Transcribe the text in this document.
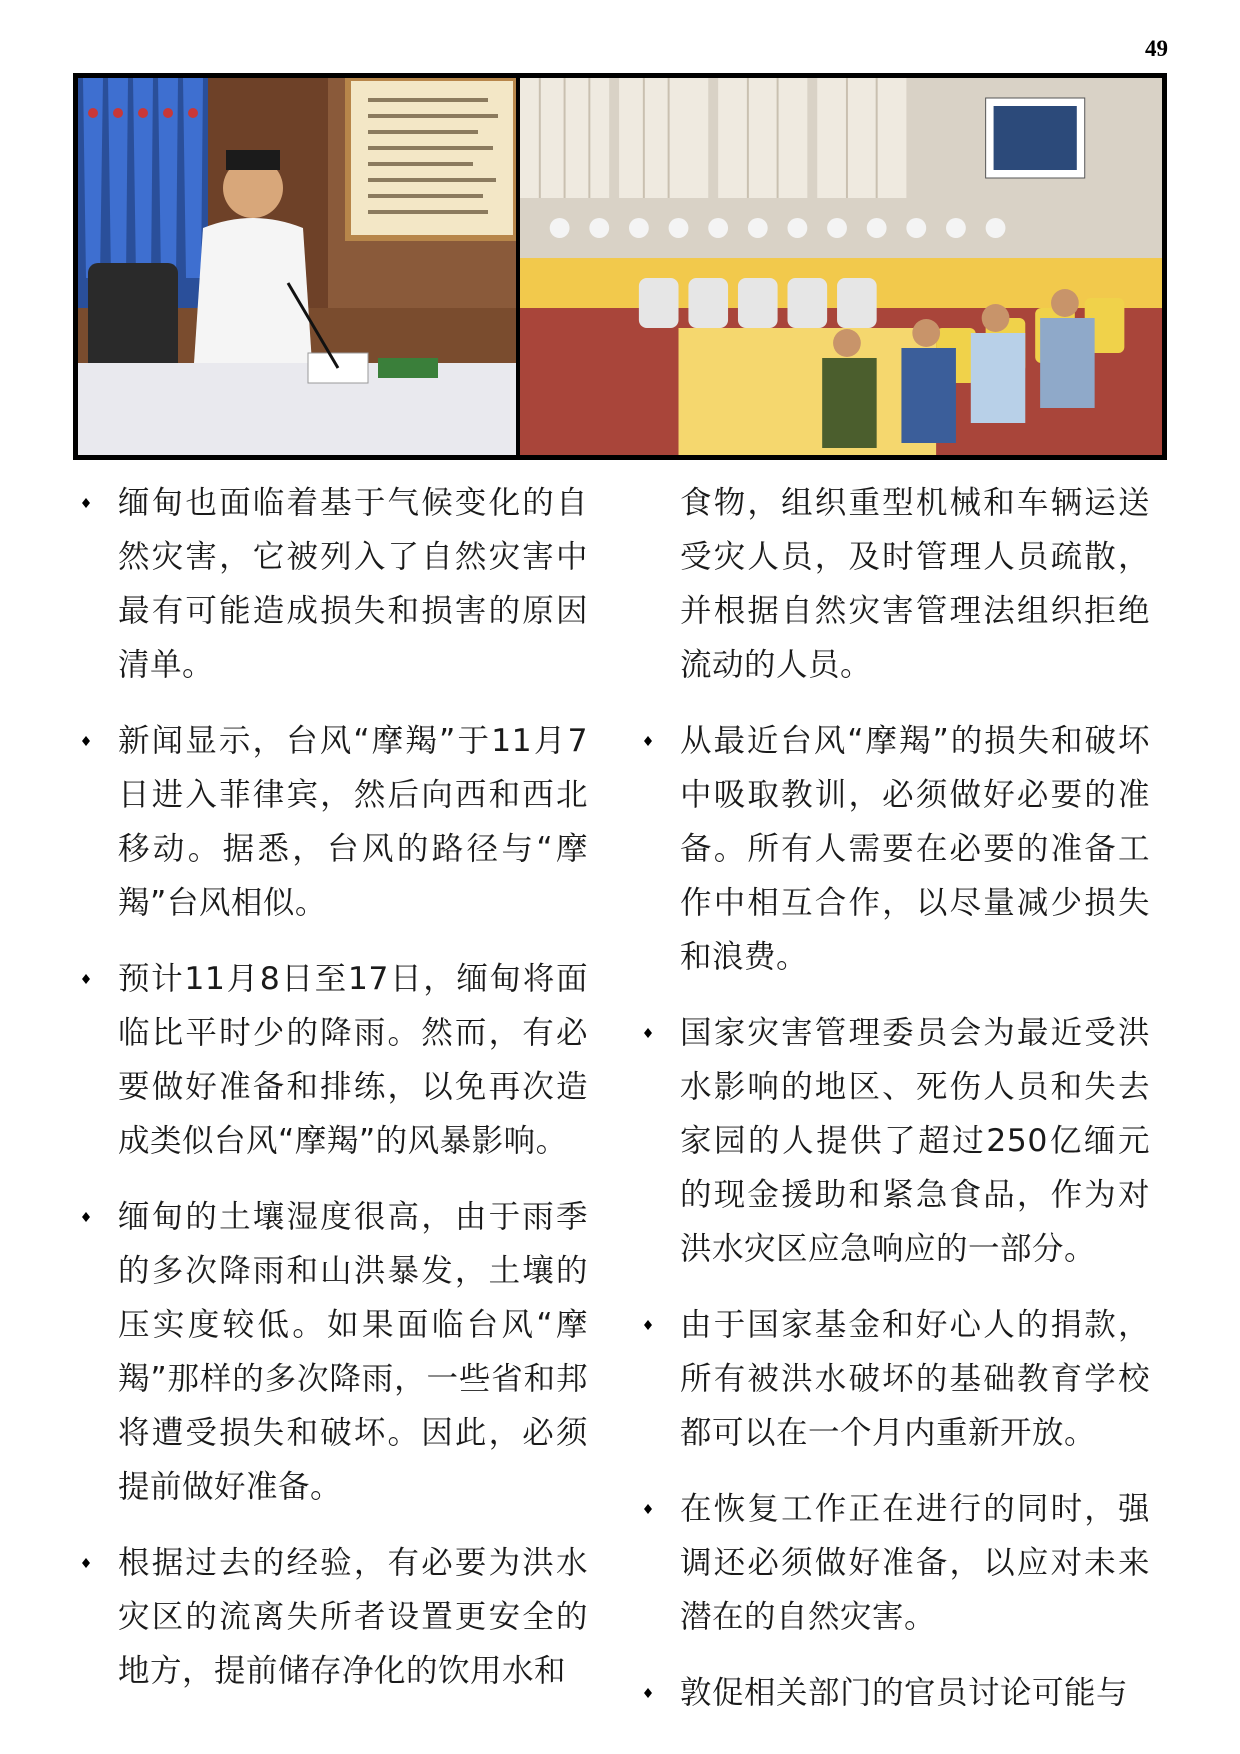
49
缅甸也面临着基于气候变化的自然灾害，它被列入了自然灾害中最有可能造成损失和损害的原因清单。
新闻显示，台风“摩羯”于11月7日进入菲律宾，然后向西和西北移动。据悉，台风的路径与“摩羯”台风相似。
预计11月8日至17日，缅甸将面临比平时少的降雨。然而，有必要做好准备和排练，以免再次造成类似台风“摩羯”的风暴影响。
缅甸的土壤湿度很高，由于雨季的多次降雨和山洪暴发，土壤的压实度较低。如果面临台风“摩羯”那样的多次降雨，一些省和邦将遭受损失和破坏。因此，必须提前做好准备。
根据过去的经验，有必要为洪水灾区的流离失所者设置更安全的地方，提前储存净化的饮用水和
食物，组织重型机械和车辆运送受灾人员，及时管理人员疏散，并根据自然灾害管理法组织拒绝流动的人员。
从最近台风“摩羯”的损失和破坏中吸取教训，必须做好必要的准备。所有人需要在必要的准备工作中相互合作，以尽量减少损失和浪费。
国家灾害管理委员会为最近受洪水影响的地区、死伤人员和失去家园的人提供了超过250亿缅元的现金援助和紧急食品，作为对洪水灾区应急响应的一部分。
由于国家基金和好心人的捐款，所有被洪水破坏的基础教育学校都可以在一个月内重新开放。
在恢复工作正在进行的同时，强调还必须做好准备，以应对未来潜在的自然灾害。
敦促相关部门的官员讨论可能与
